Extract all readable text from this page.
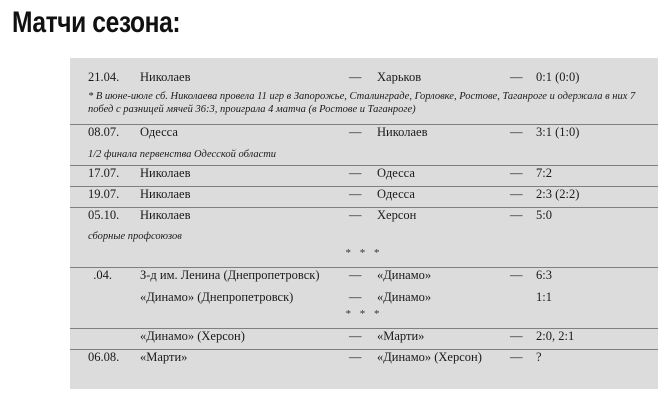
Матчи сезона:
21.04. Николаев	— Харьков	— 0:1 (0:0)
* В июне-июле сб. Николаева провела 11 игр в Запорожье, Сталинграде, Горловке, Ростове, Таганроге и одержала в них 7 побед с разницей мячей 36:3, проиграла 4 матча (в Ростове и Таганроге)
08.07. Одесса	— Николаев	— 3:1 (1:0)
1/2 финала первенства Одесской области
17.07. Николаев	— Одесса	— 7:2
19.07. Николаев	— Одесса	— 2:3 (2:2)
05.10. Николаев	— Херсон	— 5:0
сборные профсоюзов
* * *
.04. З-д им. Ленина (Днепропетровск) — «Динамо»	— 6:3
«Динамо» (Днепропетровск)	— «Динамо»	1:1
* * *
«Динамо» (Херсон)	— «Марти»	— 2:0, 2:1
06.08. «Марти»	— «Динамо» (Херсон) — ?
